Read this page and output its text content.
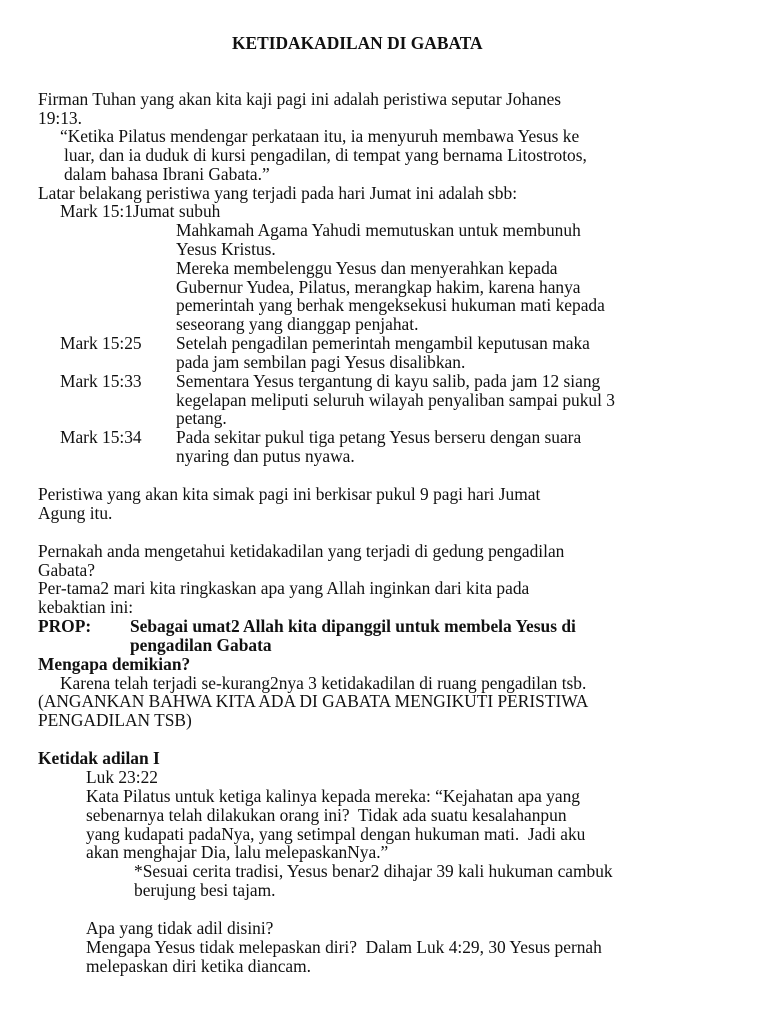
KETIDAKADILAN DI GABATA
Firman Tuhan yang akan kita kaji pagi ini adalah peristiwa seputar Johanes
19:13.
“Ketika Pilatus mendengar perkataan itu, ia menyuruh membawa Yesus ke
luar, dan ia duduk di kursi pengadilan, di tempat yang bernama Litostrotos,
dalam bahasa Ibrani Gabata.”
Latar belakang peristiwa yang terjadi pada hari Jumat ini adalah sbb:
Mark 15:1Jumat subuh
Mahkamah Agama Yahudi memutuskan untuk membunuh
Yesus Kristus.
Mereka membelenggu Yesus dan menyerahkan kepada
Gubernur Yudea, Pilatus, merangkap hakim, karena hanya
pemerintah yang berhak mengeksekusi hukuman mati kepada
seseorang yang dianggap penjahat.
Mark 15:25 Setelah pengadilan pemerintah mengambil keputusan maka
pada jam sembilan pagi Yesus disalibkan.
Mark 15:33 Sementara Yesus tergantung di kayu salib, pada jam 12 siang
kegelapan meliputi seluruh wilayah penyaliban sampai pukul 3
petang.
Mark 15:34 Pada sekitar pukul tiga petang Yesus berseru dengan suara
nyaring dan putus nyawa.
Peristiwa yang akan kita simak pagi ini berkisar pukul 9 pagi hari Jumat
Agung itu.
Pernakah anda mengetahui ketidakadilan yang terjadi di gedung pengadilan
Gabata?
Per-tama2 mari kita ringkaskan apa yang Allah inginkan dari kita pada
kebaktian ini:
PROP: Sebagai umat2 Allah kita dipanggil untuk membela Yesus di
pengadilan Gabata
Mengapa demikian?
Karena telah terjadi se-kurang2nya 3 ketidakadilan di ruang pengadilan tsb.
(ANGANKAN BAHWA KITA ADA DI GABATA MENGIKUTI PERISTIWA
PENGADILAN TSB)
Ketidak adilan I
Luk 23:22
Kata Pilatus untuk ketiga kalinya kepada mereka: “Kejahatan apa yang
sebenarnya telah dilakukan orang ini?  Tidak ada suatu kesalahanpun
yang kudapati padaNya, yang setimpal dengan hukuman mati.  Jadi aku
akan menghajar Dia, lalu melepaskanNya.”
*Sesuai cerita tradisi, Yesus benar2 dihajar 39 kali hukuman cambuk
berujung besi tajam.
Apa yang tidak adil disini?
Mengapa Yesus tidak melepaskan diri?  Dalam Luk 4:29, 30 Yesus pernah
melepaskan diri ketika diancam.
